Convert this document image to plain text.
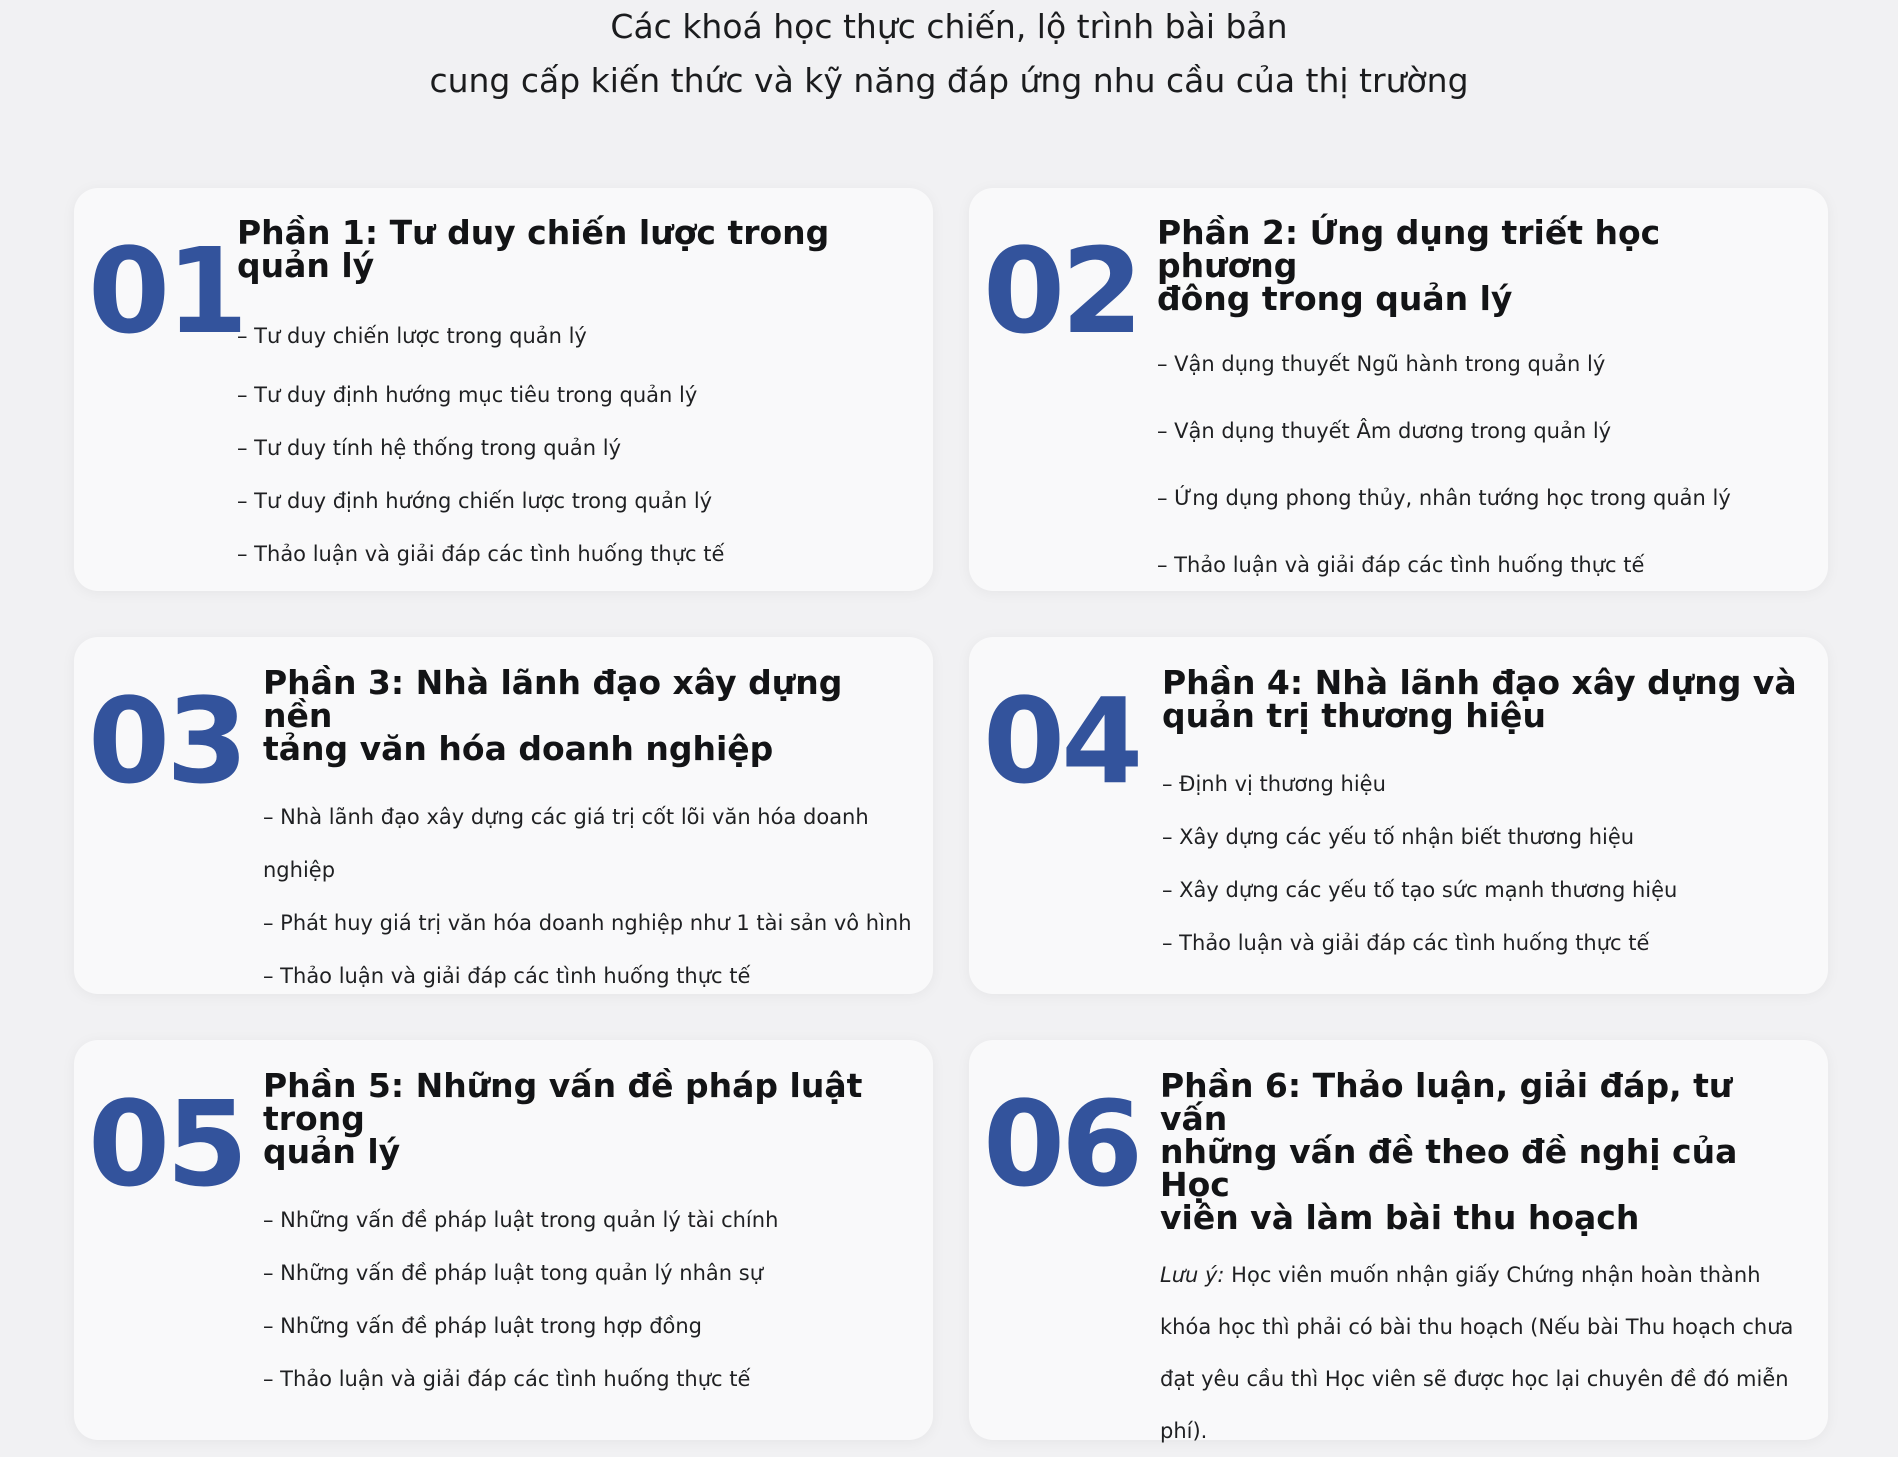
Các khoá học thực chiến, lộ trình bài bản
cung cấp kiến thức và kỹ năng đáp ứng nhu cầu của thị trường
01
Phần 1: Tư duy chiến lược trong quản lý
– Tư duy chiến lược trong quản lý
– Tư duy định hướng mục tiêu trong quản lý
– Tư duy tính hệ thống trong quản lý
– Tư duy định hướng chiến lược trong quản lý
– Thảo luận và giải đáp các tình huống thực tế
02 Phần 2: Ứng dụng triết học phương
đông trong quản lý
– Vận dụng thuyết Ngũ hành trong quản lý
– Vận dụng thuyết Âm dương trong quản lý
– Ứng dụng phong thủy, nhân tướng học trong quản lý
– Thảo luận và giải đáp các tình huống thực tế
03 Phần 3: Nhà lãnh đạo xây dựng nền
tảng văn hóa doanh nghiệp
– Nhà lãnh đạo xây dựng các giá trị cốt lõi văn hóa doanh
nghiệp
– Phát huy giá trị văn hóa doanh nghiệp như 1 tài sản vô hình
– Thảo luận và giải đáp các tình huống thực tế
04 Phần 4: Nhà lãnh đạo xây dựng và
quản trị thương hiệu
– Định vị thương hiệu
– Xây dựng các yếu tố nhận biết thương hiệu
– Xây dựng các yếu tố tạo sức mạnh thương hiệu
– Thảo luận và giải đáp các tình huống thực tế
05 Phần 5: Những vấn đề pháp luật trong
quản lý
– Những vấn đề pháp luật trong quản lý tài chính
– Những vấn đề pháp luật tong quản lý nhân sự
– Những vấn đề pháp luật trong hợp đồng
– Thảo luận và giải đáp các tình huống thực tế
06 Phần 6: Thảo luận, giải đáp, tư vấn
những vấn đề theo đề nghị của Học
viên và làm bài thu hoạch

Lưu ý: Học viên muốn nhận giấy Chứng nhận hoàn thành

khóa học thì phải có bài thu hoạch (Nếu bài Thu hoạch chưa

đạt yêu cầu thì Học viên sẽ được học lại chuyên đề đó miễn

phí).
